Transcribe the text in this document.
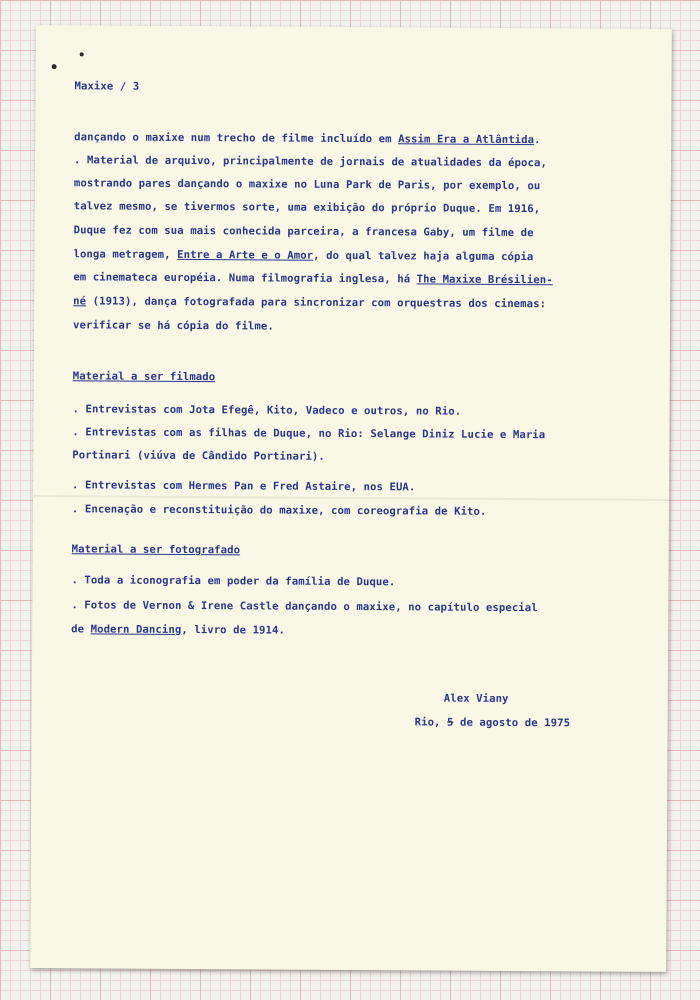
Maxixe / 3

dançando o maxixe num trecho de filme incluído em Assim Era a Atlântida.

. Material de arquivo, principalmente de jornais de atualidades da época,

mostrando pares dançando o maxixe no Luna Park de Paris, por exemplo, ou

talvez mesmo, se tivermos sorte, uma exibição do próprio Duque. Em 1916,

Duque fez com sua mais conhecida parceira, a francesa Gaby, um filme de

longa metragem, Entre a Arte e o Amor, do qual talvez haja alguma cópia

em cinemateca européia. Numa filmografia inglesa, há The Maxixe Brésilien-

né (1913), dança fotografada para sincronizar com orquestras dos cinemas:

verificar se há cópia do filme.

Material a ser filmado

. Entrevistas com Jota Efegê, Kito, Vadeco e outros, no Rio.

. Entrevistas com as filhas de Duque, no Rio: Selange Diniz Lucie e Maria

Portinari (viúva de Cândido Portinari).

. Entrevistas com Hermes Pan e Fred Astaire, nos EUA.

. Encenação e reconstituição do maxixe, com coreografia de Kito.

Material a ser fotografado

. Toda a iconografia em poder da família de Duque.

. Fotos de Vernon & Irene Castle dançando o maxixe, no capítulo especial

de Modern Dancing, livro de 1914.

Alex Viany

Rio, 5 de agosto de 1975
